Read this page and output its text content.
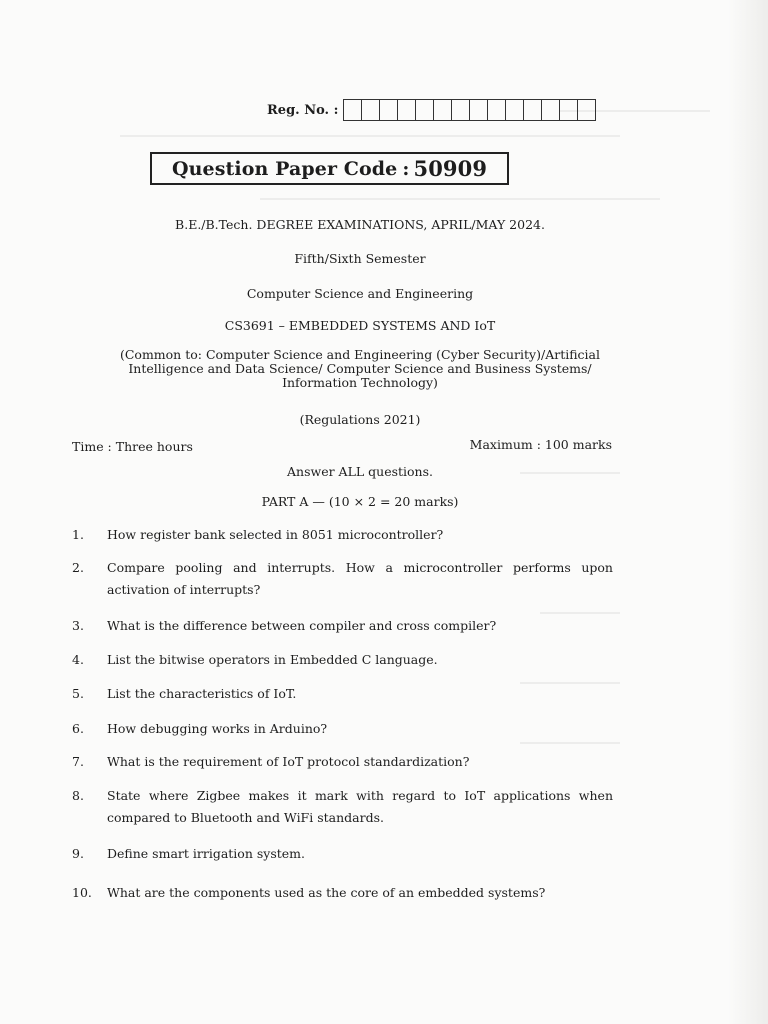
Reg. No. :
Question Paper Code : 50909
B.E./B.Tech. DEGREE EXAMINATIONS, APRIL/MAY 2024.
Fifth/Sixth Semester
Computer Science and Engineering
CS3691 – EMBEDDED SYSTEMS AND IoT
(Common to: Computer Science and Engineering (Cyber Security)/Artificial
Intelligence and Data Science/ Computer Science and Business Systems/
Information Technology)
(Regulations 2021)
Time : Three hours	Maximum : 100 marks
Answer ALL questions.
PART A — (10 × 2 = 20 marks)
1.	How register bank selected in 8051 microcontroller?
2.	Compare pooling and interrupts. How a microcontroller performs upon activation of interrupts?
3.	What is the difference between compiler and cross compiler?
4.	List the bitwise operators in Embedded C language.
5.	List the characteristics of IoT.
6.	How debugging works in Arduino?
7.	What is the requirement of IoT protocol standardization?
8.	State where Zigbee makes it mark with regard to IoT applications when compared to Bluetooth and WiFi standards.
9.	Define smart irrigation system.
10.	What are the components used as the core of an embedded systems?
